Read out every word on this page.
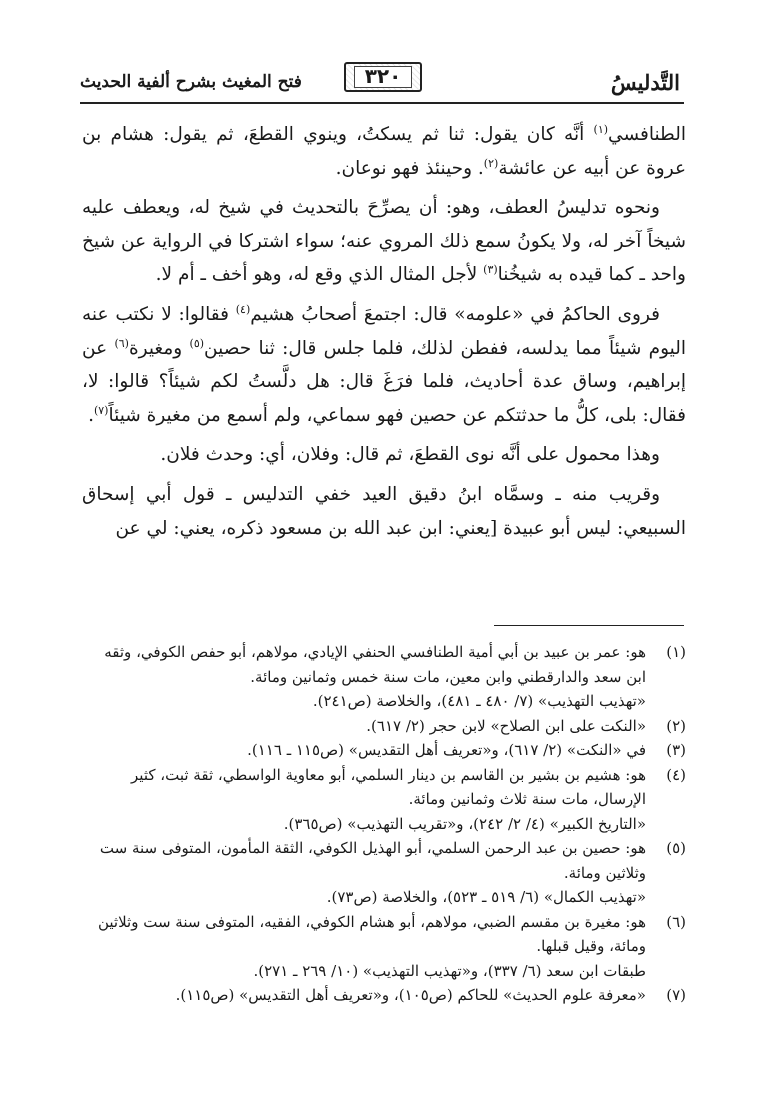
التَّدليسُ
٣٢٠
فتح المغيث بشرح ألفية الحديث

الطنافسي$^{(١)}$ أنَّه كان يقول: ثنا ثم يسكتُ، وينوي القطعَ، ثم يقول: هشام بن عروة عن أبيه عن عائشة$^{(٢)}$. وحينئذ فهو نوعان.

ونحوه تدليسُ العطف، وهو: أن يصرِّحَ بالتحديث في شيخ له، ويعطف عليه شيخاً آخر له، ولا يكونُ سمع ذلك المروي عنه؛ سواء اشتركا في الرواية عن شيخ واحد ـ كما قيده به شيخُنا$^{(٣)}$ لأجل المثال الذي وقع له، وهو أخف ـ أم لا.

فروى الحاكمُ في «علومه» قال: اجتمعَ أصحابُ هشيم$^{(٤)}$ فقالوا: لا نكتب عنه اليوم شيئاً مما يدلسه، ففطن لذلك، فلما جلس قال: ثنا حصين$^{(٥)}$ ومغيرة$^{(٦)}$ عن إبراهيم، وساق عدة أحاديث، فلما فرَغَ قال: هل دلَّستُ لكم شيئاً؟ قالوا: لا، فقال: بلى، كلُّ ما حدثتكم عن حصين فهو سماعي، ولم أسمع من مغيرة شيئاً$^{(٧)}$.

وهذا محمول على أنَّه نوى القطعَ، ثم قال: وفلان، أي: وحدث فلان.

وقريب منه ـ وسمَّاه ابنُ دقيق العيد خفي التدليس ـ قول أبي إسحاق السبيعي: ليس أبو عبيدة [يعني: ابن عبد الله بن مسعود ذكره، يعني: لي عن

(١)
هو: عمر بن عبيد بن أبي أمية الطنافسي الحنفي الإيادي، مولاهم، أبو حفص الكوفي، وثقه ابن سعد والدارقطني وابن معين، مات سنة خمس وثمانين ومائة.
«تهذيب التهذيب» (٧/ ٤٨٠ ـ ٤٨١)، والخلاصة (ص٢٤١).
(٢)
«النكت على ابن الصلاح» لابن حجر (٢/ ٦١٧).
(٣)
في «النكت» (٢/ ٦١٧)، و«تعريف أهل التقديس» (ص١١٥ ـ ١١٦).
(٤)
هو: هشيم بن بشير بن القاسم بن دينار السلمي، أبو معاوية الواسطي، ثقة ثبت، كثير الإرسال، مات سنة ثلاث وثمانين ومائة.
«التاريخ الكبير» (٤/ ٢/ ٢٤٢)، و«تقريب التهذيب» (ص٣٦٥).
(٥)
هو: حصين بن عبد الرحمن السلمي، أبو الهذيل الكوفي، الثقة المأمون، المتوفى سنة ست وثلاثين ومائة.
«تهذيب الكمال» (٦/ ٥١٩ ـ ٥٢٣)، والخلاصة (ص٧٣).
(٦)
هو: مغيرة بن مقسم الضبي، مولاهم، أبو هشام الكوفي، الفقيه، المتوفى سنة ست وثلاثين ومائة، وقيل قبلها.
طبقات ابن سعد (٦/ ٣٣٧)، و«تهذيب التهذيب» (١٠/ ٢٦٩ ـ ٢٧١).
(٧)
«معرفة علوم الحديث» للحاكم (ص١٠٥)، و«تعريف أهل التقديس» (ص١١٥).
